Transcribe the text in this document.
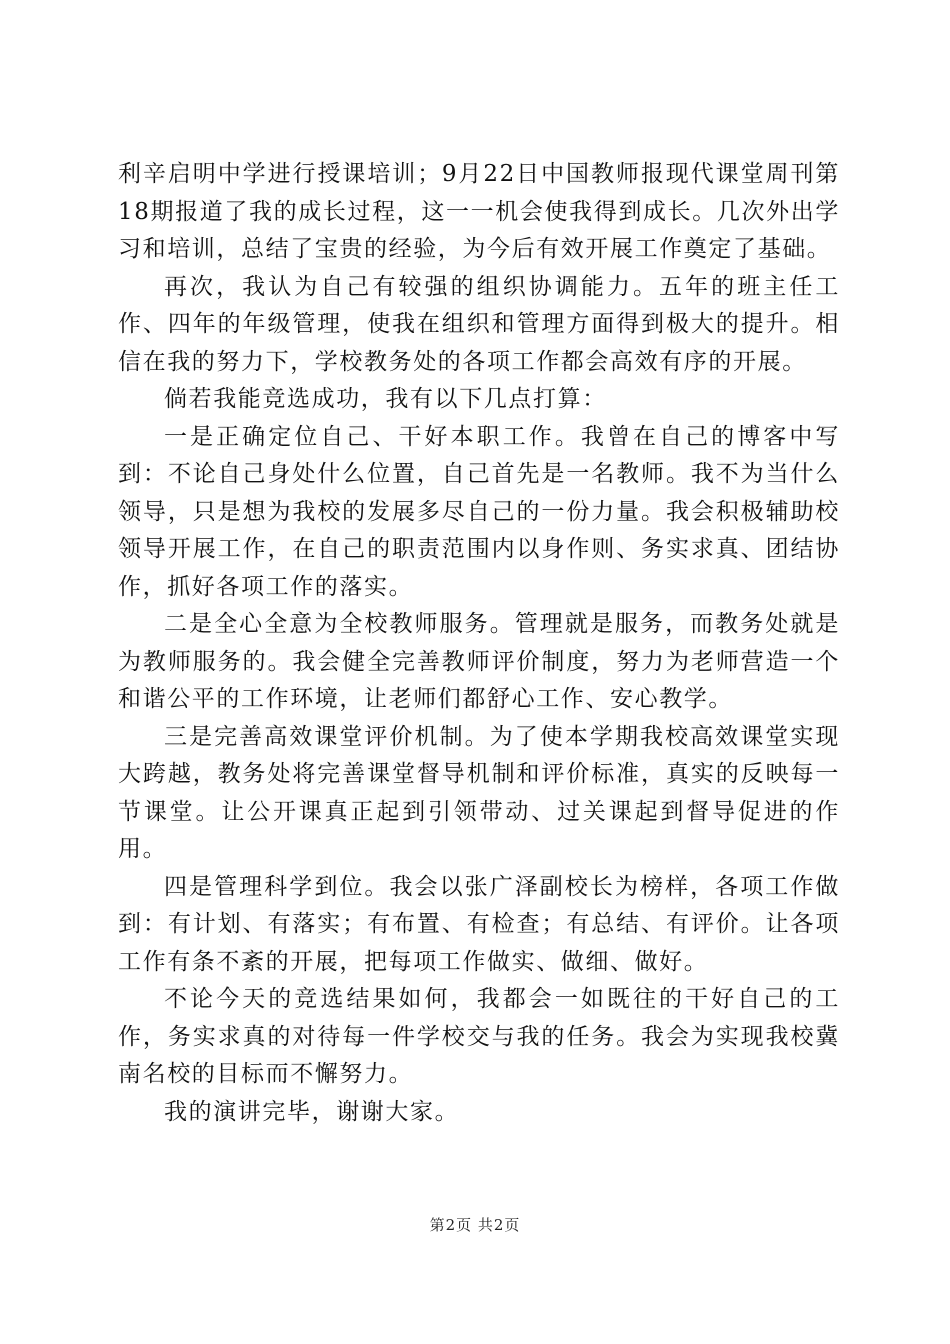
利辛启明中学进行授课培训；9月22日中国教师报现代课堂周刊第18期报道了我的成长过程，这一一机会使我得到成长。几次外出学习和培训，总结了宝贵的经验，为今后有效开展工作奠定了基础。

再次，我认为自己有较强的组织协调能力。五年的班主任工作、四年的年级管理，使我在组织和管理方面得到极大的提升。相信在我的努力下，学校教务处的各项工作都会高效有序的开展。

倘若我能竞选成功，我有以下几点打算：

一是正确定位自己、干好本职工作。我曾在自己的博客中写到：不论自己身处什么位置，自己首先是一名教师。我不为当什么领导，只是想为我校的发展多尽自己的一份力量。我会积极辅助校领导开展工作，在自己的职责范围内以身作则、务实求真、团结协作，抓好各项工作的落实。

二是全心全意为全校教师服务。管理就是服务，而教务处就是为教师服务的。我会健全完善教师评价制度，努力为老师营造一个和谐公平的工作环境，让老师们都舒心工作、安心教学。

三是完善高效课堂评价机制。为了使本学期我校高效课堂实现大跨越，教务处将完善课堂督导机制和评价标准，真实的反映每一节课堂。让公开课真正起到引领带动、过关课起到督导促进的作用。

四是管理科学到位。我会以张广泽副校长为榜样，各项工作做到：有计划、有落实；有布置、有检查；有总结、有评价。让各项工作有条不紊的开展，把每项工作做实、做细、做好。

不论今天的竞选结果如何，我都会一如既往的干好自己的工作，务实求真的对待每一件学校交与我的任务。我会为实现我校冀南名校的目标而不懈努力。

我的演讲完毕，谢谢大家。

第2页 共2页
